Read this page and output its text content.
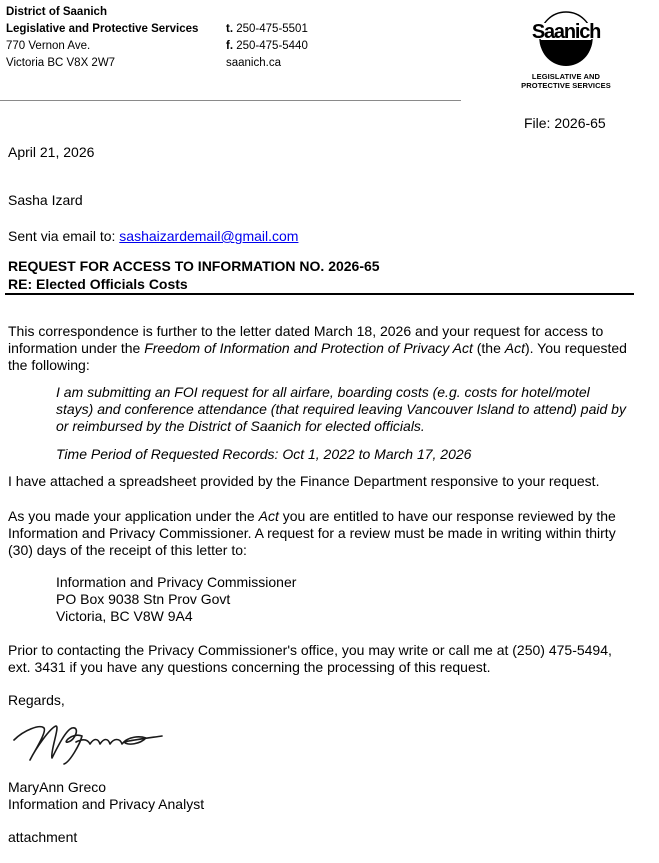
District of Saanich
Legislative and Protective Services
770 Vernon Ave.
Victoria BC V8X 2W7
t. 250-475-5501
f. 250-475-5440
saanich.ca
Saanich
LEGISLATIVE AND
PROTECTIVE SERVICES
File: 2026-65
April 21, 2026
Sasha Izard
Sent via email to: sashaizardemail@gmail.com
REQUEST FOR ACCESS TO INFORMATION NO. 2026-65
RE: Elected Officials Costs
This correspondence is further to the letter dated March 18, 2026 and your request for access to information under the Freedom of Information and Protection of Privacy Act (the Act). You requested the following:
I am submitting an FOI request for all airfare, boarding costs (e.g. costs for hotel/motel stays) and conference attendance (that required leaving Vancouver Island to attend) paid by or reimbursed by the District of Saanich for elected officials.
Time Period of Requested Records: Oct 1, 2022 to March 17, 2026
I have attached a spreadsheet provided by the Finance Department responsive to your request.
As you made your application under the Act you are entitled to have our response reviewed by the Information and Privacy Commissioner. A request for a review must be made in writing within thirty (30) days of the receipt of this letter to:
Information and Privacy Commissioner
PO Box 9038 Stn Prov Govt
Victoria, BC V8W 9A4
Prior to contacting the Privacy Commissioner's office, you may write or call me at (250) 475-5494, ext. 3431 if you have any questions concerning the processing of this request.
Regards,
MaryAnn Greco
Information and Privacy Analyst
attachment
